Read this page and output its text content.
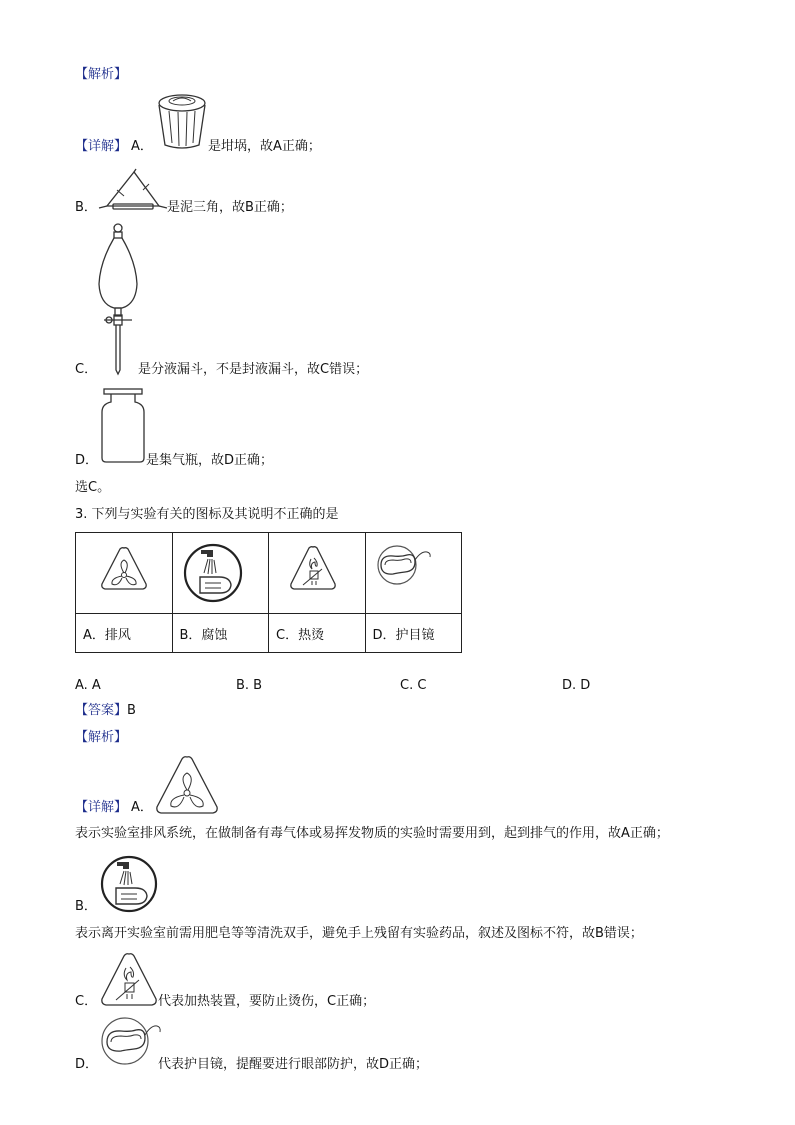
【解析】
【详解】 A．	是坩埚，故A正确；
B．	是泥三角，故B正确；
C．	是分液漏斗，不是封液漏斗，故C错误；
D．	是集气瓶，故D正确；
选C。
3. 下列与实验有关的图标及其说明不正确的是

A．排风	B．腐蚀	C．热烫	D．护目镜
A. A	B. B	C. C	D. D
【答案】B
【解析】
【详解】 A．
表示实验室排风系统，在做制备有毒气体或易挥发物质的实验时需要用到，起到排气的作用，故A正确；
B．
表示离开实验室前需用肥皂等等清洗双手，避免手上残留有实验药品，叙述及图标不符，故B错误；
C．	代表加热装置，要防止烫伤，C正确；
D．	代表护目镜，提醒要进行眼部防护，故D正确；
